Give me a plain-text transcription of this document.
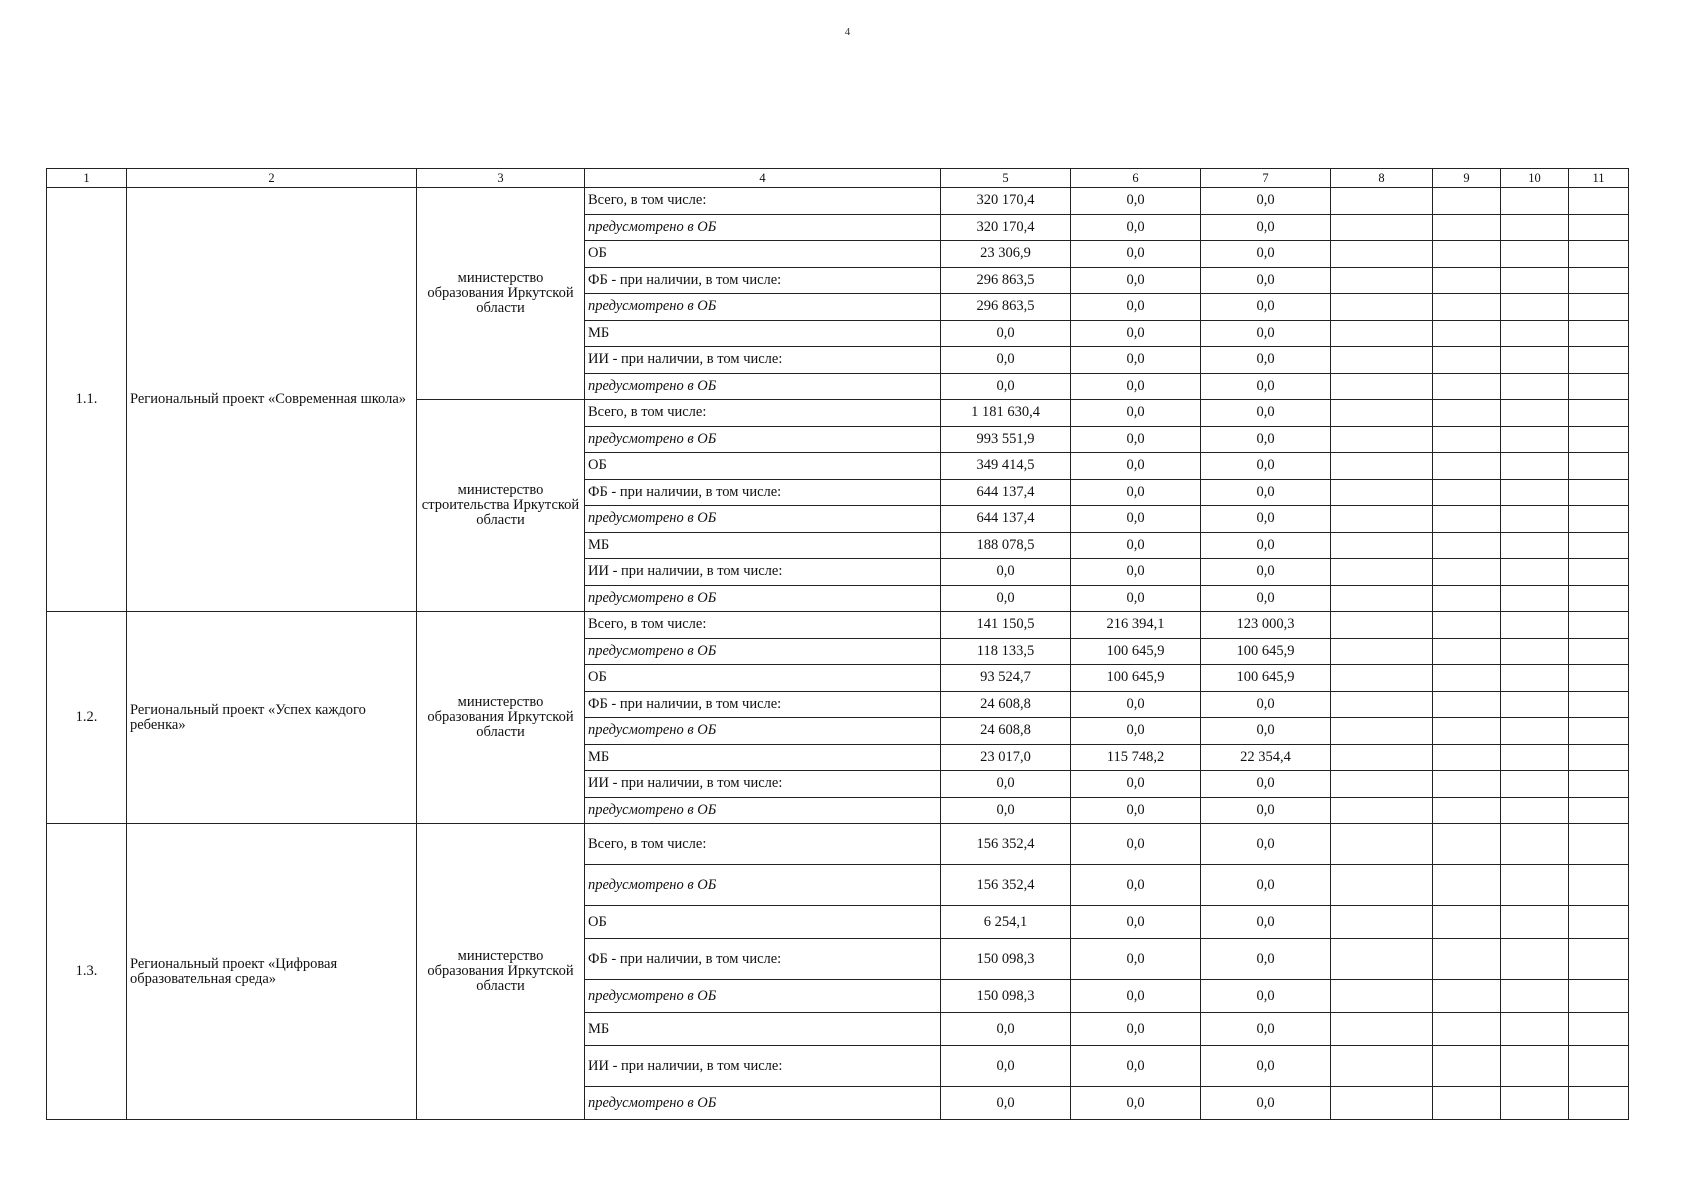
4
1	2	3	4	5	6	7	8	9	10	11
1.1.	Региональный проект «Современная школа»	министерство образования Иркутской области	Всего, в том числе:	320 170,4	0,0	0,0				
			предусмотрено в ОБ	320 170,4	0,0	0,0				
			ОБ	23 306,9	0,0	0,0				
			ФБ - при наличии, в том числе:	296 863,5	0,0	0,0				
			предусмотрено в ОБ	296 863,5	0,0	0,0				
			МБ	0,0	0,0	0,0				
			ИИ - при наличии, в том числе:	0,0	0,0	0,0				
			предусмотрено в ОБ	0,0	0,0	0,0				
		министерство строительства Иркутской области	Всего, в том числе:	1 181 630,4	0,0	0,0				
			предусмотрено в ОБ	993 551,9	0,0	0,0				
			ОБ	349 414,5	0,0	0,0				
			ФБ - при наличии, в том числе:	644 137,4	0,0	0,0				
			предусмотрено в ОБ	644 137,4	0,0	0,0				
			МБ	188 078,5	0,0	0,0				
			ИИ - при наличии, в том числе:	0,0	0,0	0,0				
			предусмотрено в ОБ	0,0	0,0	0,0				
1.2.	Региональный проект «Успех каждого ребенка»	министерство образования Иркутской области	Всего, в том числе:	141 150,5	216 394,1	123 000,3				
			предусмотрено в ОБ	118 133,5	100 645,9	100 645,9				
			ОБ	93 524,7	100 645,9	100 645,9				
			ФБ - при наличии, в том числе:	24 608,8	0,0	0,0				
			предусмотрено в ОБ	24 608,8	0,0	0,0				
			МБ	23 017,0	115 748,2	22 354,4				
			ИИ - при наличии, в том числе:	0,0	0,0	0,0				
			предусмотрено в ОБ	0,0	0,0	0,0				
1.3.	Региональный проект «Цифровая образовательная среда»	министерство образования Иркутской области	Всего, в том числе:	156 352,4	0,0	0,0				
			предусмотрено в ОБ	156 352,4	0,0	0,0				
			ОБ	6 254,1	0,0	0,0				
			ФБ - при наличии, в том числе:	150 098,3	0,0	0,0				
			предусмотрено в ОБ	150 098,3	0,0	0,0				
			МБ	0,0	0,0	0,0				
			ИИ - при наличии, в том числе:	0,0	0,0	0,0				
			предусмотрено в ОБ	0,0	0,0	0,0				
